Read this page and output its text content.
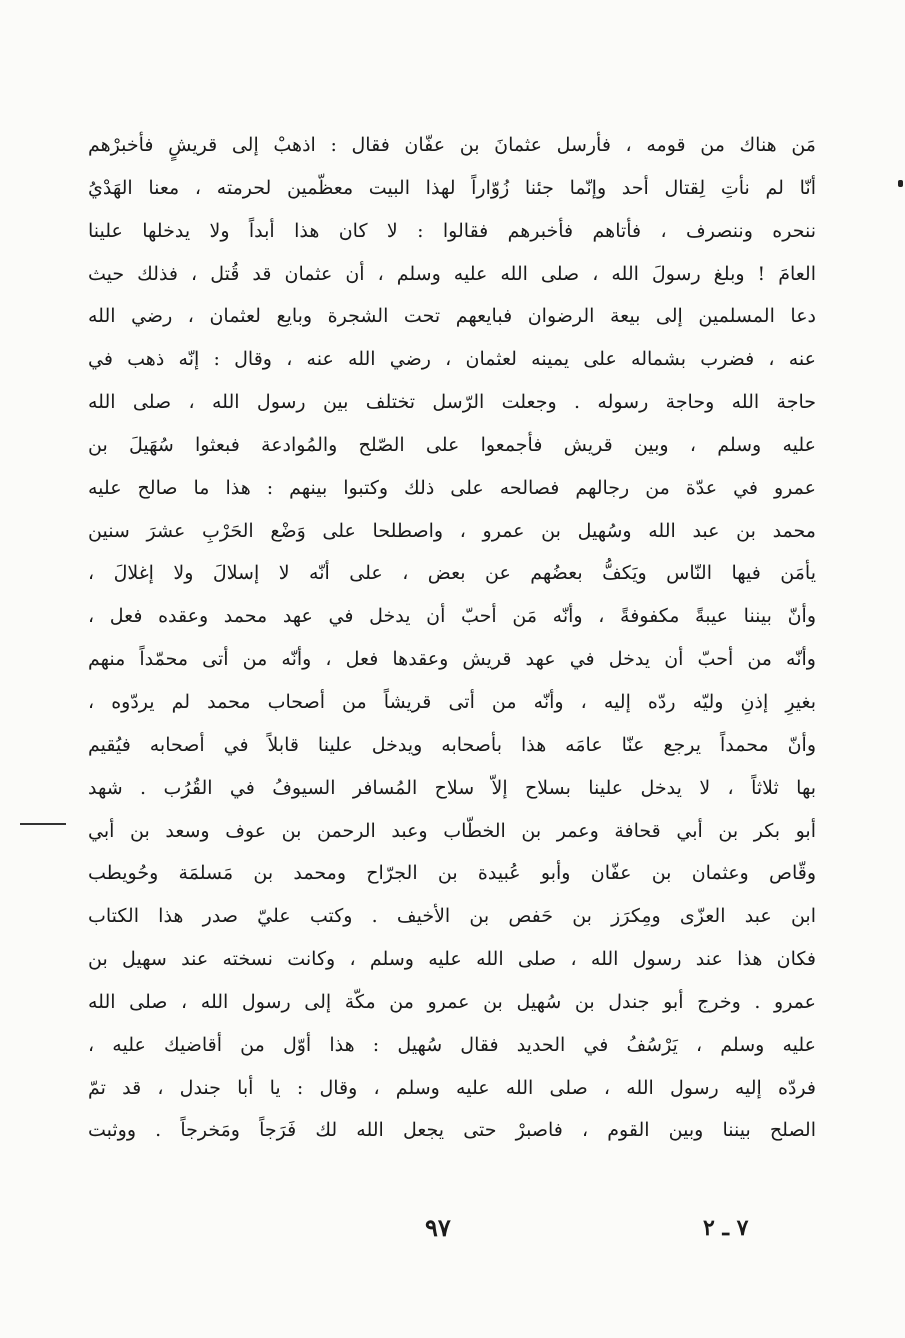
مَن هناك من قومه ، فأرسل عثمانَ بن عفّان فقال : اذهبْ إلى قريشٍ فأخبرْهم
أنّا لم نأتِ لِقتال أحد وإنّما جئنا زُوّاراً لهذا البيت معظّمين لحرمته ، معنا الهَدْيُ
ننحره وننصرف ، فأتاهم فأخبرهم فقالوا : لا كان هذا أبداً ولا يدخلها علينا
العامَ ! وبلغ رسولَ الله ، صلى الله عليه وسلم ، أن عثمان قد قُتل ، فذلك حيث
دعا المسلمين إلى بيعة الرضوان فبايعهم تحت الشجرة وبايع لعثمان ، رضي الله
عنه ، فضرب بشماله على يمينه لعثمان ، رضي الله عنه ، وقال : إنّه ذهب في
حاجة الله وحاجة رسوله . وجعلت الرّسل تختلف بين رسول الله ، صلى الله
عليه وسلم ، وبين قريش فأجمعوا على الصّلح والمُوادعة فبعثوا سُهَيلَ بن
عمرو في عدّة من رجالهم فصالحه على ذلك وكتبوا بينهم : هذا ما صالح عليه
محمد بن عبد الله وسُهيل بن عمرو ، واصطلحا على وَضْع الحَرْبِ عشرَ سنين
يأمَن فيها النّاس ويَكفُّ بعضُهم عن بعض ، على أنّه لا إسلالَ ولا إغلالَ ،
وأنّ بيننا عيبةً مكفوفةً ، وأنّه مَن أحبّ أن يدخل في عهد محمد وعقده فعل ،
وأنّه من أحبّ أن يدخل في عهد قريش وعقدها فعل ، وأنّه من أتى محمّداً منهم
بغيرِ إذنِ وليّه ردّه إليه ، وأنّه من أتى قريشاً من أصحاب محمد لم يردّوه ،
وأنّ محمداً يرجع عنّا عامَه هذا بأصحابه ويدخل علينا قابلاً في أصحابه فيُقيم
بها ثلاثاً ، لا يدخل علينا بسلاح إلاّ سلاح المُسافر السيوفُ في القُرُب . شهد
أبو بكر بن أبي قحافة وعمر بن الخطّاب وعبد الرحمن بن عوف وسعد بن أبي
وقّاص وعثمان بن عفّان وأبو عُبيدة بن الجرّاح ومحمد بن مَسلمَة وحُويطب
ابن عبد العزّى ومِكرَز بن حَفص بن الأخيف . وكتب عليّ صدر هذا الكتاب
فكان هذا عند رسول الله ، صلى الله عليه وسلم ، وكانت نسخته عند سهيل بن
عمرو . وخرج أبو جندل بن سُهيل بن عمرو من مكّة إلى رسول الله ، صلى الله
عليه وسلم ، يَرْسُفُ في الحديد فقال سُهيل : هذا أوّل من أقاضيك عليه ،
فردّه إليه رسول الله ، صلى الله عليه وسلم ، وقال : يا أبا جندل ، قد تمّ
الصلح بيننا وبين القوم ، فاصبرْ حتى يجعل الله لك فَرَجاً ومَخرجاً . ووثبت
٧ ـ ٢
٩٧
